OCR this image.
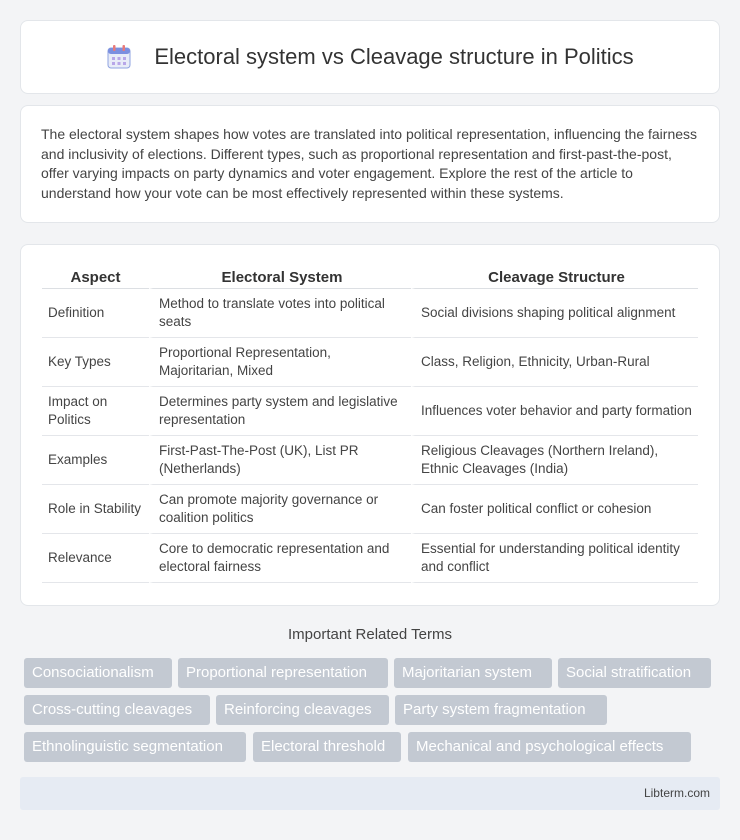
Electoral system vs Cleavage structure in Politics

The electoral system shapes how votes are translated into political representation, influencing the fairness and inclusivity of elections. Different types, such as proportional representation and first-past-the-post, offer varying impacts on party dynamics and voter engagement. Explore the rest of the article to understand how your vote can be most effectively represented within these systems.

Aspect	Electoral System	Cleavage Structure
Definition	Method to translate votes into political seats	Social divisions shaping political alignment
Key Types	Proportional Representation, Majoritarian, Mixed	Class, Religion, Ethnicity, Urban-Rural
Impact on Politics	Determines party system and legislative representation	Influences voter behavior and party formation
Examples	First-Past-The-Post (UK), List PR (Netherlands)	Religious Cleavages (Northern Ireland), Ethnic Cleavages (India)
Role in Stability	Can promote majority governance or coalition politics	Can foster political conflict or cohesion
Relevance	Core to democratic representation and electoral fairness	Essential for understanding political identity and conflict
Important Related Terms
Consociationalism	Proportional representation	Majoritarian system	Social stratification
Cross-cutting cleavages	Reinforcing cleavages	Party system fragmentation
Ethnolinguistic segmentation	Electoral threshold	Mechanical and psychological effects
Libterm.com
